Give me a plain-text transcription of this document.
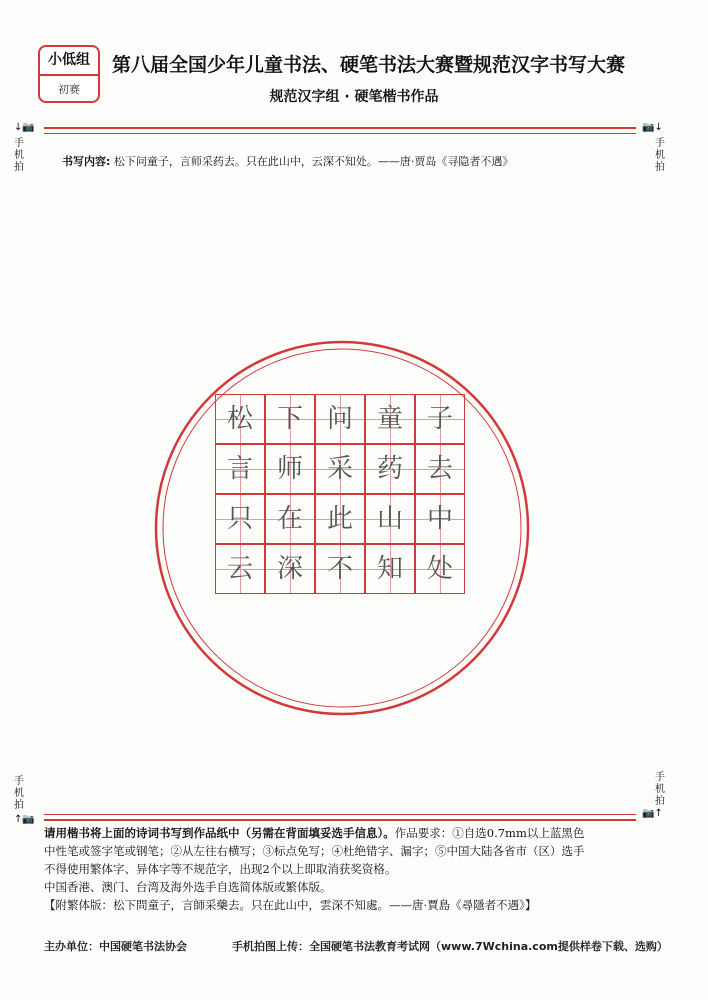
小低组
初赛
第八届全国少年儿童书法、硬笔书法大赛暨规范汉字书写大赛
规范汉字组 · 硬笔楷书作品
↓📷	📷↓
手
机
拍
手
机
拍
书写内容: 松下问童子，言师采药去。只在此山中，云深不知处。——唐·贾岛《寻隐者不遇》
松 下 问 童 子
言 师 采 药 去
只 在 此 山 中
云 深 不 知 处
手
机
拍
手
机
拍
↑📷
📷↑
请用楷书将上面的诗词书写到作品纸中（另需在背面填妥选手信息）。作品要求：①自选0.7mm以上蓝黑色
中性笔或签字笔或钢笔；②从左往右横写；③标点免写；④杜绝错字、漏字；⑤中国大陆各省市（区）选手
不得使用繁体字、异体字等不规范字，出现2个以上即取消获奖资格。
中国香港、澳门、台湾及海外选手自选简体版或繁体版。
【附繁体版：松下問童子，言師采藥去。只在此山中，雲深不知處。——唐·賈島《尋隱者不遇》】
主办单位：中国硬笔书法协会	手机拍图上传：全国硬笔书法教育考试网（www.7Wchina.com提供样卷下载、选购）
